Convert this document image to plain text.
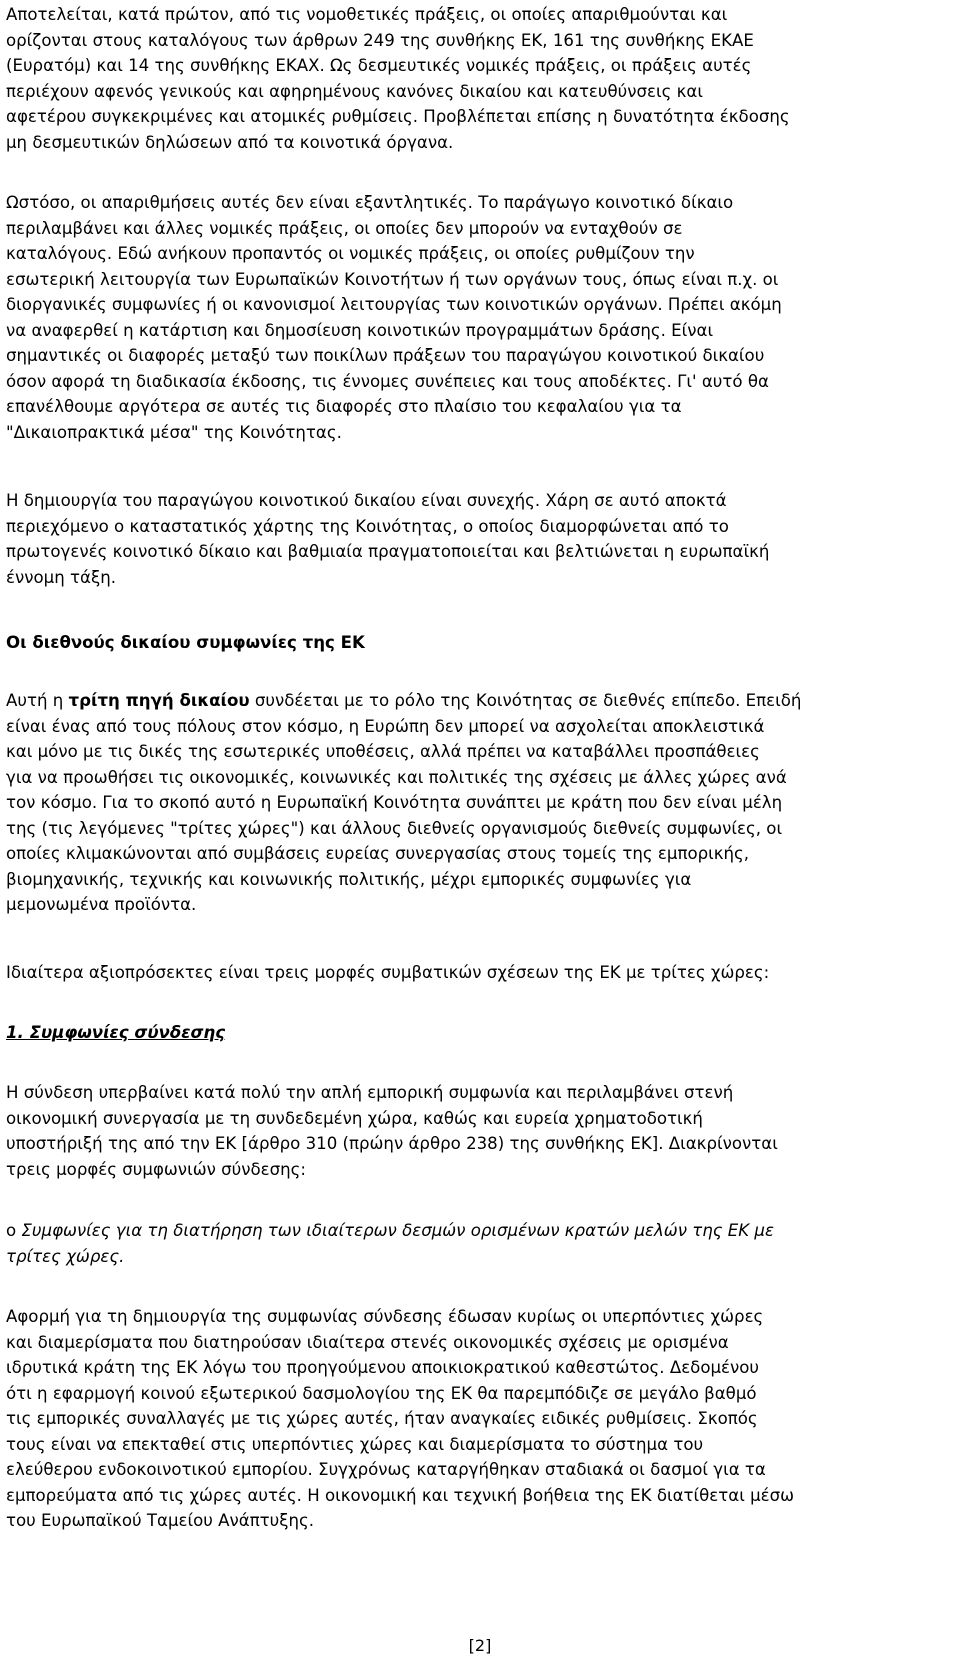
Αποτελείται, κατά πρώτον, από τις νομοθετικές πράξεις, οι οποίες απαριθμούνται και
ορίζονται στους καταλόγους των άρθρων 249 της συνθήκης ΕΚ, 161 της συνθήκης ΕΚΑΕ
(Ευρατόμ) και 14 της συνθήκης ΕΚΑΧ. Ως δεσμευτικές νομικές πράξεις, οι πράξεις αυτές
περιέχουν αφενός γενικούς και αφηρημένους κανόνες δικαίου και κατευθύνσεις και
αφετέρου συγκεκριμένες και ατομικές ρυθμίσεις. Προβλέπεται επίσης η δυνατότητα έκδοσης
μη δεσμευτικών δηλώσεων από τα κοινοτικά όργανα.
Ωστόσο, οι απαριθμήσεις αυτές δεν είναι εξαντλητικές. Το παράγωγο κοινοτικό δίκαιο
περιλαμβάνει και άλλες νομικές πράξεις, οι οποίες δεν μπορούν να ενταχθούν σε
καταλόγους. Εδώ ανήκουν προπαντός οι νομικές πράξεις, οι οποίες ρυθμίζουν την
εσωτερική λειτουργία των Ευρωπαϊκών Κοινοτήτων ή των οργάνων τους, όπως είναι π.χ. οι
διοργανικές συμφωνίες ή οι κανονισμοί λειτουργίας των κοινοτικών οργάνων. Πρέπει ακόμη
να αναφερθεί η κατάρτιση και δημοσίευση κοινοτικών προγραμμάτων δράσης. Είναι
σημαντικές οι διαφορές μεταξύ των ποικίλων πράξεων του παραγώγου κοινοτικού δικαίου
όσον αφορά τη διαδικασία έκδοσης, τις έννομες συνέπειες και τους αποδέκτες. Γι' αυτό θα
επανέλθουμε αργότερα σε αυτές τις διαφορές στο πλαίσιο του κεφαλαίου για τα
"Δικαιοπρακτικά μέσα" της Κοινότητας.
Η δημιουργία του παραγώγου κοινοτικού δικαίου είναι συνεχής. Χάρη σε αυτό αποκτά
περιεχόμενο ο καταστατικός χάρτης της Κοινότητας, ο οποίος διαμορφώνεται από το
πρωτογενές κοινοτικό δίκαιο και βαθμιαία πραγματοποιείται και βελτιώνεται η ευρωπαϊκή
έννομη τάξη.
Οι διεθνούς δικαίου συμφωνίες της ΕΚ
Αυτή η τρίτη πηγή δικαίου συνδέεται με το ρόλο της Κοινότητας σε διεθνές επίπεδο. Επειδή
είναι ένας από τους πόλους στον κόσμο, η Ευρώπη δεν μπορεί να ασχολείται αποκλειστικά
και μόνο με τις δικές της εσωτερικές υποθέσεις, αλλά πρέπει να καταβάλλει προσπάθειες
για να προωθήσει τις οικονομικές, κοινωνικές και πολιτικές της σχέσεις με άλλες χώρες ανά
τον κόσμο. Για το σκοπό αυτό η Ευρωπαϊκή Κοινότητα συνάπτει με κράτη που δεν είναι μέλη
της (τις λεγόμενες "τρίτες χώρες") και άλλους διεθνείς οργανισμούς διεθνείς συμφωνίες, οι
οποίες κλιμακώνονται από συμβάσεις ευρείας συνεργασίας στους τομείς της εμπορικής,
βιομηχανικής, τεχνικής και κοινωνικής πολιτικής, μέχρι εμπορικές συμφωνίες για
μεμονωμένα προϊόντα.
Ιδιαίτερα αξιοπρόσεκτες είναι τρεις μορφές συμβατικών σχέσεων της ΕΚ με τρίτες χώρες:
1. Συμφωνίες σύνδεσης
Η σύνδεση υπερβαίνει κατά πολύ την απλή εμπορική συμφωνία και περιλαμβάνει στενή
οικονομική συνεργασία με τη συνδεδεμένη χώρα, καθώς και ευρεία χρηματοδοτική
υποστήριξή της από την ΕΚ [άρθρο 310 (πρώην άρθρο 238) της συνθήκης ΕΚ]. Διακρίνονται
τρεις μορφές συμφωνιών σύνδεσης:
o Συμφωνίες για τη διατήρηση των ιδιαίτερων δεσμών ορισμένων κρατών μελών της ΕΚ με
τρίτες χώρες.
Αφορμή για τη δημιουργία της συμφωνίας σύνδεσης έδωσαν κυρίως οι υπερπόντιες χώρες
και διαμερίσματα που διατηρούσαν ιδιαίτερα στενές οικονομικές σχέσεις με ορισμένα
ιδρυτικά κράτη της ΕΚ λόγω του προηγούμενου αποικιοκρατικού καθεστώτος. Δεδομένου
ότι η εφαρμογή κοινού εξωτερικού δασμολογίου της ΕΚ θα παρεμπόδιζε σε μεγάλο βαθμό
τις εμπορικές συναλλαγές με τις χώρες αυτές, ήταν αναγκαίες ειδικές ρυθμίσεις. Σκοπός
τους είναι να επεκταθεί στις υπερπόντιες χώρες και διαμερίσματα το σύστημα του
ελεύθερου ενδοκοινοτικού εμπορίου. Συγχρόνως καταργήθηκαν σταδιακά οι δασμοί για τα
εμπορεύματα από τις χώρες αυτές. Η οικονομική και τεχνική βοήθεια της ΕΚ διατίθεται μέσω
του Ευρωπαϊκού Ταμείου Ανάπτυξης.
[2]
